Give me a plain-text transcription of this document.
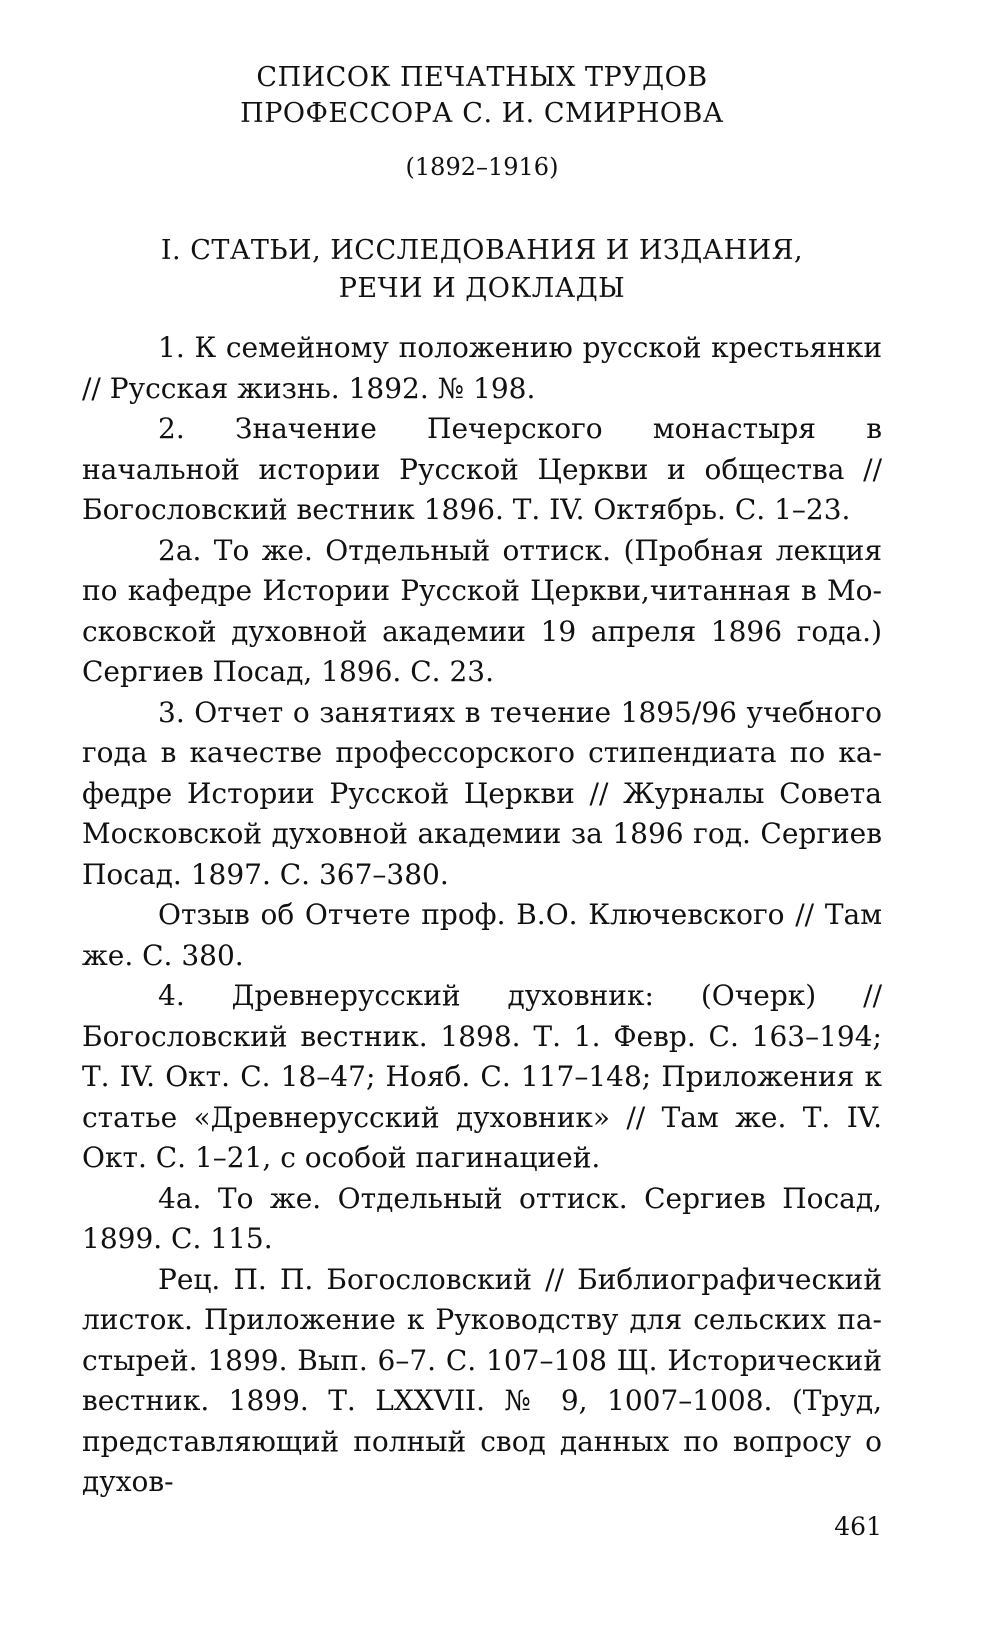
СПИСОК ПЕЧАТНЫХ ТРУДОВ

ПРОФЕССОРА С. И. СМИРНОВА

(1892–1916)

I. СТАТЬИ, ИССЛЕДОВАНИЯ И ИЗДАНИЯ,

РЕЧИ И ДОКЛАДЫ

1. К семейному положению русской крестьянки // Русская жизнь. 1892. № 198.

2. Значение Печерского монастыря в начальной истории Русской Церкви и общества // Богословский вестник 1896. Т. IV. Октябрь. С. 1–23.

2а. То же. Отдельный оттиск. (Пробная лекция по кафедре Истории Русской Церкви,читанная в Московской духовной академии 19 апреля 1896 года.) Сергиев Посад, 1896. С. 23.

3. Отчет о занятиях в течение 1895/96 учебного года в качестве профессорского стипендиата по кафедре Истории Русской Церкви // Журналы Совета Московской духовной академии за 1896 год. Сергиев Посад. 1897. С. 367–380.

Отзыв об Отчете проф. В.О. Ключевского // Там же. С. 380.

4. Древнерусский духовник: (Очерк) // Богословский вестник. 1898. Т. 1. Февр. С. 163–194; Т. IV. Окт. С. 18–47; Нояб. С. 117–148; Приложения к статье «Древнерусский духовник» // Там же. Т. IV. Окт. С. 1–21, с особой пагинацией.

4а. То же. Отдельный оттиск. Сергиев Посад, 1899. С. 115.

Рец. П. П. Богословский // Библиографический листок. Приложение к Руководству для сельских пастырей. 1899. Вып. 6–7. С. 107–108 Щ. Исторический вестник. 1899. Т. LXXVII. № 9, 1007–1008. (Труд, представляющий полный свод данных по вопросу о духов-

461
